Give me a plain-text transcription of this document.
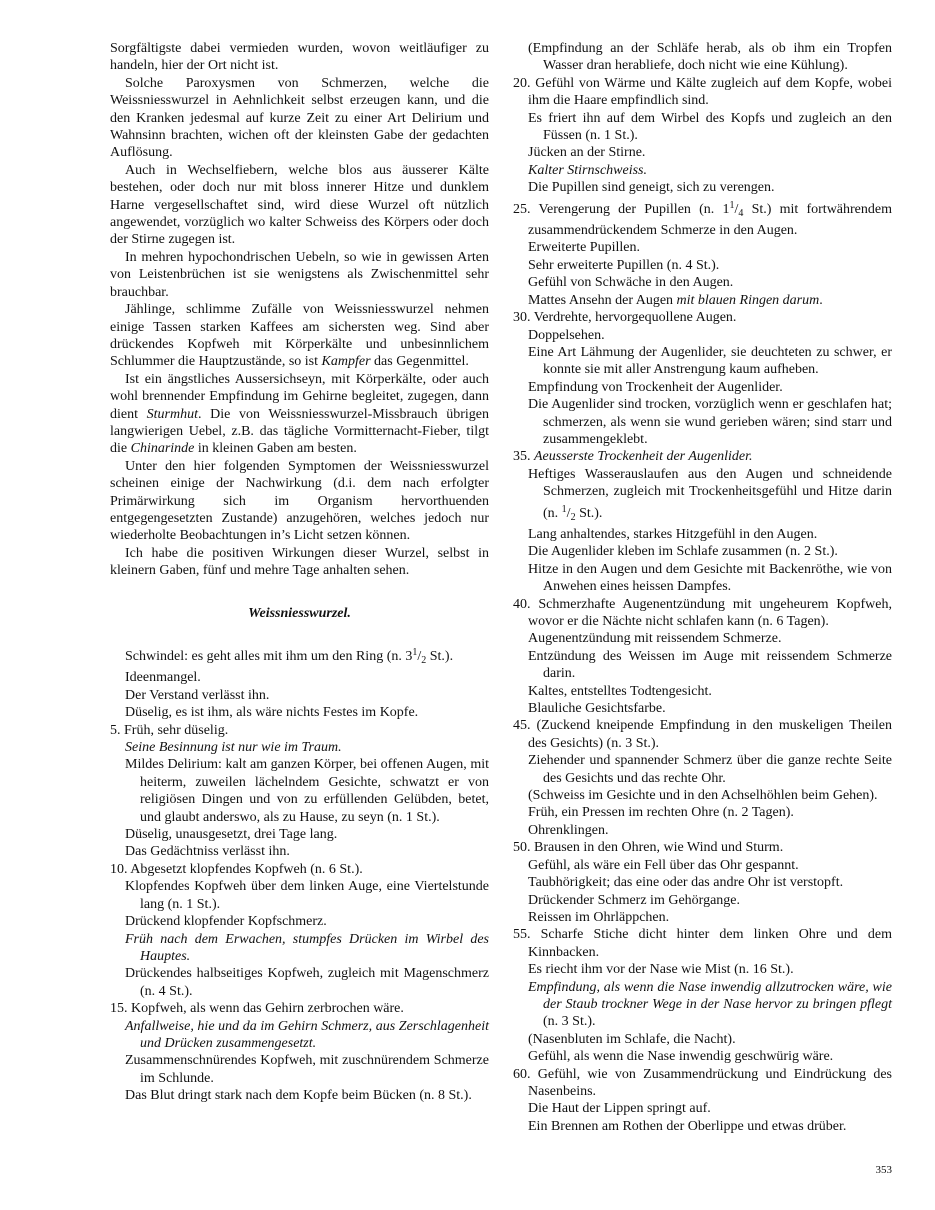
Sorgfältigste dabei vermieden wurden, wovon weitläufiger zu handeln, hier der Ort nicht ist.

Solche Paroxysmen von Schmerzen, welche die Weissniesswurzel in Aehnlichkeit selbst erzeugen kann, und die den Kranken jedesmal auf kurze Zeit zu einer Art Delirium und Wahnsinn brachten, wichen oft der kleinsten Gabe der gedachten Auflösung.

Auch in Wechselfiebern, welche blos aus äusserer Kälte bestehen, oder doch nur mit bloss innerer Hitze und dunklem Harne vergesellschaftet sind, wird diese Wurzel oft nützlich angewendet, vorzüglich wo kalter Schweiss des Körpers oder doch der Stirne zugegen ist.

In mehren hypochondrischen Uebeln, so wie in gewissen Arten von Leistenbrüchen ist sie wenigstens als Zwischenmittel sehr brauchbar.

Jählinge, schlimme Zufälle von Weissniesswurzel nehmen einige Tassen starken Kaffees am sichersten weg. Sind aber drückendes Kopfweh mit Körperkälte und unbesinnlichem Schlummer die Hauptzustände, so ist Kampfer das Gegenmittel.

Ist ein ängstliches Aussersichseyn, mit Körperkälte, oder auch wohl brennender Empfindung im Gehirne begleitet, zugegen, dann dient Sturmhut. Die von Weissniesswurzel-Missbrauch übrigen langwierigen Uebel, z.B. das tägliche Vormitternacht-Fieber, tilgt die Chinarinde in kleinen Gaben am besten.

Unter den hier folgenden Symptomen der Weissniesswurzel scheinen einige der Nachwirkung (d.i. dem nach erfolgter Primärwirkung sich im Organism hervorthuenden entgegengesetzten Zustande) anzugehören, welches jedoch nur wiederholte Beobachtungen in’s Licht setzen können.

Ich habe die positiven Wirkungen dieser Wurzel, selbst in kleinern Gaben, fünf und mehre Tage anhalten sehen.

Weissniesswurzel.

Schwindel: es geht alles mit ihm um den Ring (n. $3^1/_2$ St.).

Ideenmangel.

Der Verstand verlässt ihn.

Düselig, es ist ihm, als wäre nichts Festes im Kopfe.

5. Früh, sehr düselig.

Seine Besinnung ist nur wie im Traum.

Mildes Delirium: kalt am ganzen Körper, bei offenen Augen, mit heiterm, zuweilen lächelndem Gesichte, schwatzt er von religiösen Dingen und von zu erfüllenden Gelübden, betet, und glaubt anderswo, als zu Hause, zu seyn (n. 1 St.).

Düselig, unausgesetzt, drei Tage lang.

Das Gedächtniss verlässt ihn.

10. Abgesetzt klopfendes Kopfweh (n. 6 St.).

Klopfendes Kopfweh über dem linken Auge, eine Viertelstunde lang (n. 1 St.).

Drückend klopfender Kopfschmerz.

Früh nach dem Erwachen, stumpfes Drücken im Wirbel des Hauptes.

Drückendes halbseitiges Kopfweh, zugleich mit Magenschmerz (n. 4 St.).

15. Kopfweh, als wenn das Gehirn zerbrochen wäre.

Anfallweise, hie und da im Gehirn Schmerz, aus Zerschlagenheit und Drücken zusammengesetzt.

Zusammenschnürendes Kopfweh, mit zuschnürendem Schmerze im Schlunde.

Das Blut dringt stark nach dem Kopfe beim Bücken (n. 8 St.).

(Empfindung an der Schläfe herab, als ob ihm ein Tropfen Wasser dran herabliefe, doch nicht wie eine Kühlung).

20. Gefühl von Wärme und Kälte zugleich auf dem Kopfe, wobei ihm die Haare empfindlich sind.

Es friert ihn auf dem Wirbel des Kopfs und zugleich an den Füssen (n. 1 St.).

Jücken an der Stirne.

Kalter Stirnschweiss.

Die Pupillen sind geneigt, sich zu verengen.

25. Verengerung der Pupillen (n. $1^1/_4$ St.) mit fortwährendem zusammendrückendem Schmerze in den Augen.

Erweiterte Pupillen.

Sehr erweiterte Pupillen (n. 4 St.).

Gefühl von Schwäche in den Augen.

Mattes Ansehn der Augen mit blauen Ringen darum.

30. Verdrehte, hervorgequollene Augen.

Doppelsehen.

Eine Art Lähmung der Augenlider, sie deuchteten zu schwer, er konnte sie mit aller Anstrengung kaum aufheben.

Empfindung von Trockenheit der Augenlider.

Die Augenlider sind trocken, vorzüglich wenn er geschlafen hat; schmerzen, als wenn sie wund gerieben wären; sind starr und zusammengeklebt.

35. Aeusserste Trockenheit der Augenlider.

Heftiges Wasserauslaufen aus den Augen und schneidende Schmerzen, zugleich mit Trockenheitsgefühl und Hitze darin (n. $^1/_2$ St.).

Lang anhaltendes, starkes Hitzgefühl in den Augen.

Die Augenlider kleben im Schlafe zusammen (n. 2 St.).

Hitze in den Augen und dem Gesichte mit Backenröthe, wie von Anwehen eines heissen Dampfes.

40. Schmerzhafte Augenentzündung mit ungeheurem Kopfweh, wovor er die Nächte nicht schlafen kann (n. 6 Tagen).

Augenentzündung mit reissendem Schmerze.

Entzündung des Weissen im Auge mit reissendem Schmerze darin.

Kaltes, entstelltes Todtengesicht.

Blauliche Gesichtsfarbe.

45. (Zuckend kneipende Empfindung in den muskeligen Theilen des Gesichts) (n. 3 St.).

Ziehender und spannender Schmerz über die ganze rechte Seite des Gesichts und das rechte Ohr.

(Schweiss im Gesichte und in den Achselhöhlen beim Gehen).

Früh, ein Pressen im rechten Ohre (n. 2 Tagen).

Ohrenklingen.

50. Brausen in den Ohren, wie Wind und Sturm.

Gefühl, als wäre ein Fell über das Ohr gespannt.

Taubhörigkeit; das eine oder das andre Ohr ist verstopft.

Drückender Schmerz im Gehörgange.

Reissen im Ohrläppchen.

55. Scharfe Stiche dicht hinter dem linken Ohre und dem Kinnbacken.

Es riecht ihm vor der Nase wie Mist (n. 16 St.).

Empfindung, als wenn die Nase inwendig allzutrocken wäre, wie der Staub trockner Wege in der Nase hervor zu bringen pflegt (n. 3 St.).

(Nasenbluten im Schlafe, die Nacht).

Gefühl, als wenn die Nase inwendig geschwürig wäre.

60. Gefühl, wie von Zusammendrückung und Eindrückung des Nasenbeins.

Die Haut der Lippen springt auf.

Ein Brennen am Rothen der Oberlippe und etwas drüber.

353
